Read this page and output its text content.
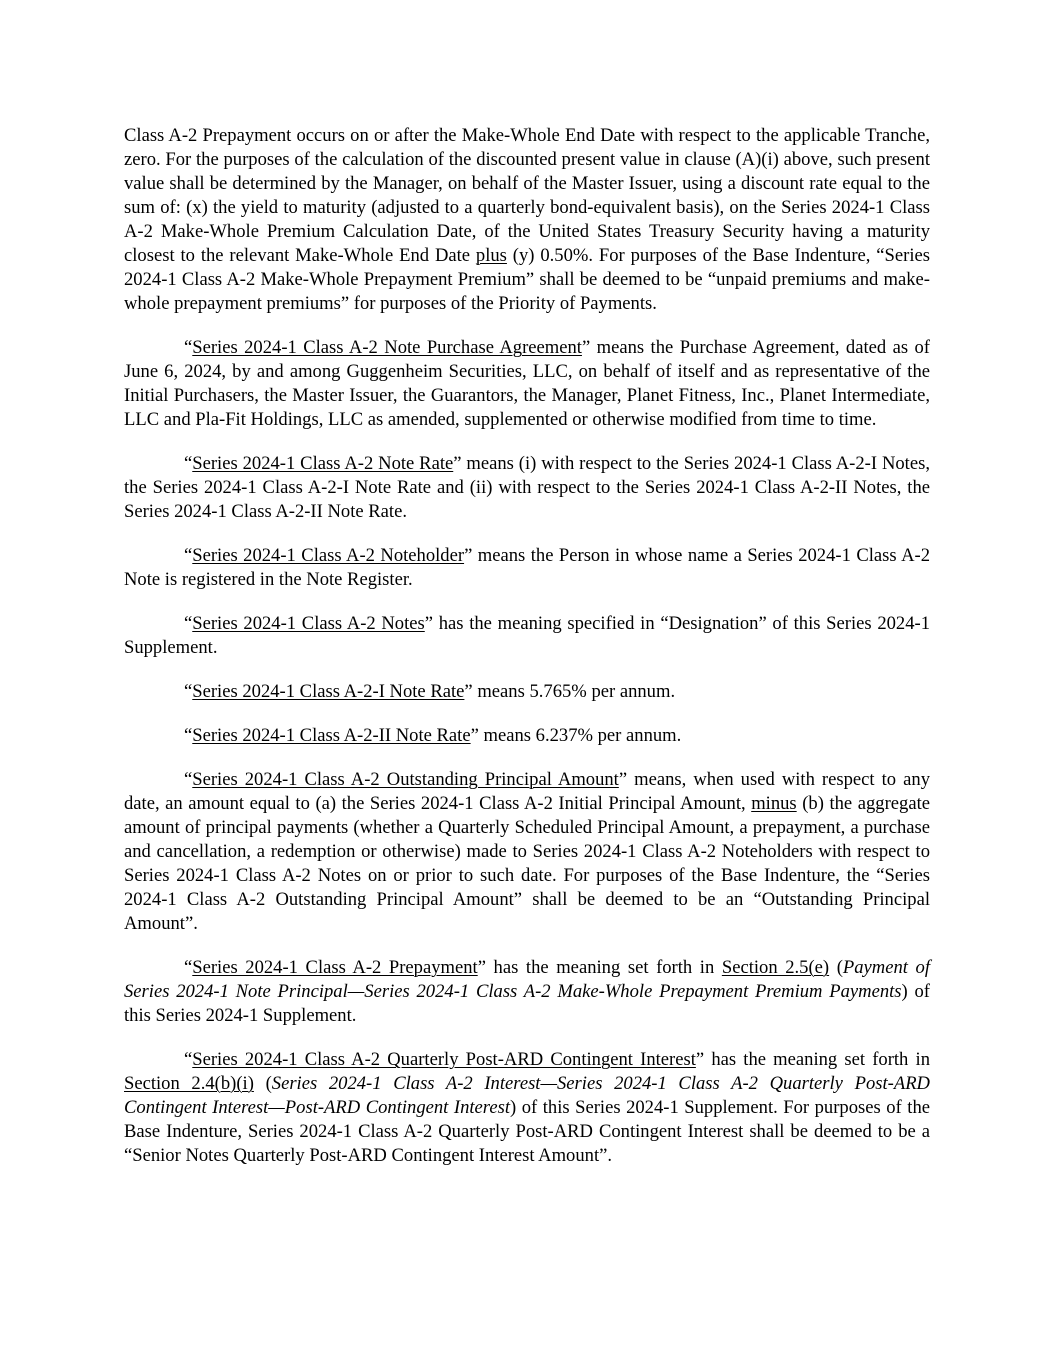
Class A-2 Prepayment occurs on or after the Make-Whole End Date with respect to the applicable Tranche, zero. For the purposes of the calculation of the discounted present value in clause (A)(i) above, such present value shall be determined by the Manager, on behalf of the Master Issuer, using a discount rate equal to the sum of: (x) the yield to maturity (adjusted to a quarterly bond-equivalent basis), on the Series 2024-1 Class A-2 Make-Whole Premium Calculation Date, of the United States Treasury Security having a maturity closest to the relevant Make-Whole End Date plus (y) 0.50%. For purposes of the Base Indenture, “Series 2024-1 Class A-2 Make-Whole Prepayment Premium” shall be deemed to be “unpaid premiums and make-whole prepayment premiums” for purposes of the Priority of Payments.

“Series 2024-1 Class A-2 Note Purchase Agreement” means the Purchase Agreement, dated as of June 6, 2024, by and among Guggenheim Securities, LLC, on behalf of itself and as representative of the Initial Purchasers, the Master Issuer, the Guarantors, the Manager, Planet Fitness, Inc., Planet Intermediate, LLC and Pla-Fit Holdings, LLC as amended, supplemented or otherwise modified from time to time.

“Series 2024-1 Class A-2 Note Rate” means (i) with respect to the Series 2024-1 Class A-2-I Notes, the Series 2024-1 Class A-2-I Note Rate and (ii) with respect to the Series 2024-1 Class A-2-II Notes, the Series 2024-1 Class A-2-II Note Rate.

“Series 2024-1 Class A-2 Noteholder” means the Person in whose name a Series 2024-1 Class A-2 Note is registered in the Note Register.

“Series 2024-1 Class A-2 Notes” has the meaning specified in “Designation” of this Series 2024-1 Supplement.

“Series 2024-1 Class A-2-I Note Rate” means 5.765% per annum.

“Series 2024-1 Class A-2-II Note Rate” means 6.237% per annum.

“Series 2024-1 Class A-2 Outstanding Principal Amount” means, when used with respect to any date, an amount equal to (a) the Series 2024-1 Class A-2 Initial Principal Amount, minus (b) the aggregate amount of principal payments (whether a Quarterly Scheduled Principal Amount, a prepayment, a purchase and cancellation, a redemption or otherwise) made to Series 2024-1 Class A-2 Noteholders with respect to Series 2024-1 Class A-2 Notes on or prior to such date. For purposes of the Base Indenture, the “Series 2024-1 Class A-2 Outstanding Principal Amount” shall be deemed to be an “Outstanding Principal Amount”.

“Series 2024-1 Class A-2 Prepayment” has the meaning set forth in Section 2.5(e) (Payment of Series 2024-1 Note Principal—Series 2024-1 Class A-2 Make-Whole Prepayment Premium Payments) of this Series 2024-1 Supplement.

“Series 2024-1 Class A-2 Quarterly Post-ARD Contingent Interest” has the meaning set forth in Section 2.4(b)(i) (Series 2024-1 Class A-2 Interest—Series 2024-1 Class A-2 Quarterly Post-ARD Contingent Interest—Post-ARD Contingent Interest) of this Series 2024-1 Supplement. For purposes of the Base Indenture, Series 2024-1 Class A-2 Quarterly Post-ARD Contingent Interest shall be deemed to be a “Senior Notes Quarterly Post-ARD Contingent Interest Amount”.
